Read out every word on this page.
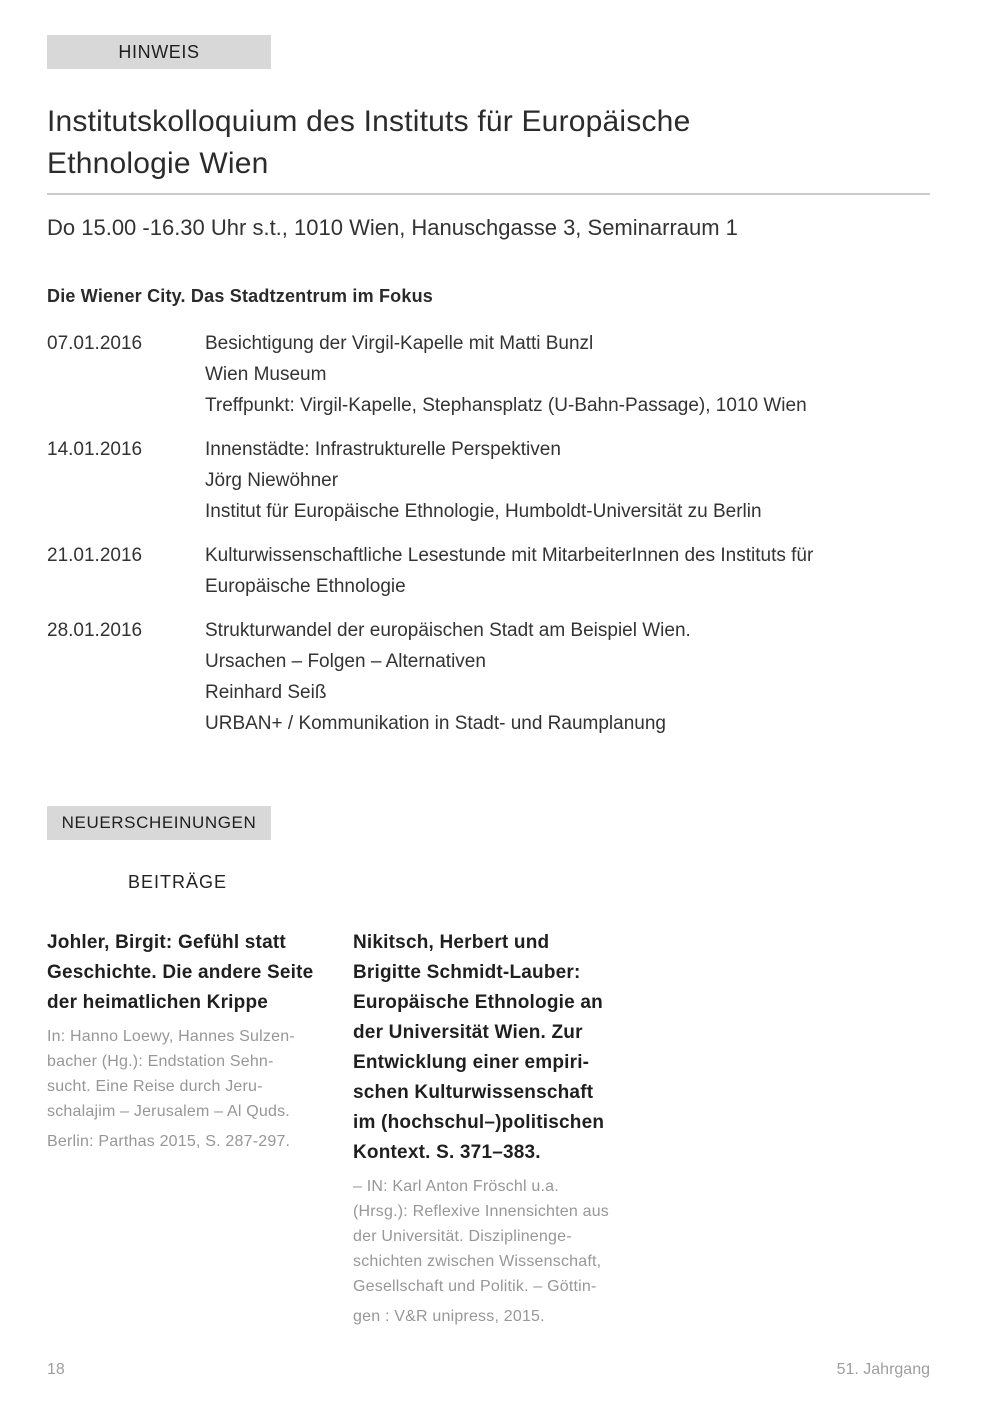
HINWEIS
Institutskolloquium des Instituts für Europäische
Ethnologie Wien
Do 15.00 -16.30 Uhr s.t., 1010 Wien, Hanuschgasse 3, Seminarraum 1
Die Wiener City. Das Stadtzentrum im Fokus
07.01.2016	Besichtigung der Virgil-Kapelle mit Matti Bunzl
Wien Museum
Treffpunkt: Virgil-Kapelle, Stephansplatz (U-Bahn-Passage), 1010 Wien
14.01.2016	Innenstädte: Infrastrukturelle Perspektiven
Jörg Niewöhner
Institut für Europäische Ethnologie, Humboldt-Universität zu Berlin
21.01.2016	Kulturwissenschaftliche Lesestunde mit MitarbeiterInnen des Instituts für
Europäische Ethnologie
28.01.2016	Strukturwandel der europäischen Stadt am Beispiel Wien.
Ursachen – Folgen – Alternativen
Reinhard Seiß
URBAN+ / Kommunikation in Stadt- und Raumplanung
NEUERSCHEINUNGEN
BEITRÄGE
Johler, Birgit: Gefühl statt
Geschichte. Die andere Seite
der heimatlichen Krippe
In: Hanno Loewy, Hannes Sulzen-
bacher (Hg.): Endstation Sehn-
sucht. Eine Reise durch Jeru-
schalajim – Jerusalem – Al Quds.
Berlin: Parthas 2015, S. 287-297.
Nikitsch, Herbert und
Brigitte Schmidt-Lauber:
Europäische Ethnologie an
der Universität Wien. Zur
Entwicklung einer empiri-
schen Kulturwissenschaft
im (hochschul–)politischen
Kontext. S. 371–383.
– IN: Karl Anton Fröschl u.a.
(Hrsg.): Reflexive Innensichten aus
der Universität. Disziplinenge-
schichten zwischen Wissenschaft,
Gesellschaft und Politik. – Göttin-
gen : V&R unipress, 2015.
18	51. Jahrgang
